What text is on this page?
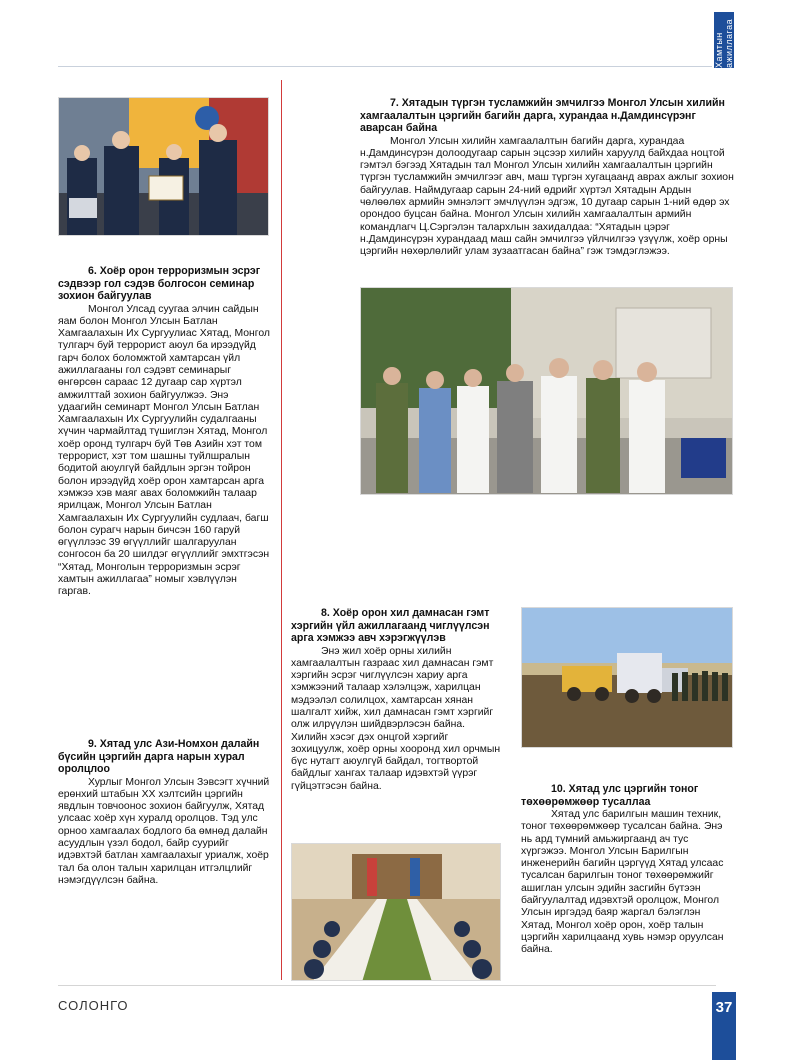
Хамтын ажиллагаа
6. Хоёр орон терроризмын эсрэг сэдвээр гол сэдэв болгосон семинар зохион байгуулав

Монгол Улсад суугаа элчин сайдын яам болон Монгол Улсын Батлан Хамгаалахын Их Сургуулиас Хятад, Монгол тулгарч буй террорист аюул ба ирээдүйд гарч болох боломжтой хамтарсан үйл ажиллагааны гол сэдэвт семинарыг өнгөрсөн сараас 12 дугаар сар хүртэл амжилттай зохион байгуулжээ. Энэ удаагийн семинарт Монгол Улсын Батлан Хамгаалахын Их Сургуулийн судалгааны хүчин чармайлтад түшиглэн Хятад, Монгол хоёр оронд тулгарч буй Төв Азийн хэт том террорист, хэт том шашны туйлшралын бодитой аюулгүй байдлын эргэн тойрон болон ирээдүйд хоёр орон хамтарсан арга хэмжээ хэв маяг авах боломжийн талаар ярилцаж, Монгол Улсын Батлан Хамгаалахын Их Сургуулийн судлаач, багш болон сурагч нарын бичсэн 160 гаруй өгүүллээс 39 өгүүллийг шалгаруулан сонгосон ба 20 шилдэг өгүүллийг эмхтгэсэн “Хятад, Монголын терроризмын эсрэг хамтын ажиллагаа” номыг хэвлүүлэн гаргав.

7. Хятадын түргэн тусламжийн эмчилгээ Монгол Улсын хилийн хамгаалалтын цэргийн багийн дарга, хурандаа н.Дамдинсүрэнг аварсан байна

Монгол Улсын хилийн хамгаалалтын багийн дарга, хурандаа н.Дамдинсүрэн долоодугаар сарын эцсээр хилийн харуулд байхдаа ноцтой гэмтэл бэгээд Хятадын тал Монгол Улсын хилийн хамгаалалтын цэргийн түргэн тусламжийн эмчилгээг авч, маш түргэн хугацаанд аврах ажлыг зохион байгуулав. Наймдугаар сарын 24-ний өдрийг хүртэл Хятадын Ардын чөлөөлөх армийн эмнэлэгт эмчлүүлэн эдгэж, 10 дугаар сарын 1-ний өдөр эх орондоо буцсан байна. Монгол Улсын хилийн хамгаалалтын армийн командлагч Ц.Сэргэлэн талархлын захидалдаа: “Хятадын цэрэг н.Дамдинсүрэн хурандаад маш сайн эмчилгээ үйлчилгээ үзүүлж, хоёр орны цэргийн нөхөрлөлийг улам зузаатгасан байна” гэж тэмдэглэжээ.

8. Хоёр орон хил дамнасан гэмт хэргийн үйл ажиллагаанд чиглүүлсэн арга хэмжээ авч хэрэгжүүлэв

Энэ жил хоёр орны хилийн хамгаалалтын газраас хил дамнасан гэмт хэргийн эсрэг чиглүүлсэн хариу арга хэмжээний талаар хэлэлцэж, харилцан мэдээлэл солилцох, хамтарсан хянан шалгалт хийж, хил дамнасан гэмт хэргийг олж илрүүлэн шийдвэрлэсэн байна. Хилийн хэсэг дэх онцгой хэргийг зохицуулж, хоёр орны хооронд хил орчмын бүс нутагт аюулгүй байдал, тогтвортой байдлыг хангах талаар идэвхтэй үүрэг гүйцэтгэсэн байна.

9. Хятад улс Ази-Номхон далайн бүсийн цэргийн дарга нарын хурал оролцлоо

Хурлыг Монгол Улсын Зэвсэгт хүчний ерөнхий штабын ХХ хэлтсийн цэргийн явдлын товчоонос зохион байгуулж, Хятад улсаас хоёр хүн хуралд оролцов. Тэд улс орноо хамгаалах бодлого ба өмнөд далайн асуудлын үзэл бодол, байр суурийг идэвхтэй батлан хамгаалахыг уриалж, хоёр тал ба олон талын харилцан итгэлцлийг нэмэгдүүлсэн байна.

10. Хятад улс цэргийн тоног төхөөрөмжөөр тусаллаа

Хятад улс барилгын машин техник, тоног төхөөрөмжөөр тусалсан байна. Энэ нь ард түмний амьжиргаанд ач тус хүргэжээ. Монгол Улсын Барилгын инженерийн багийн цэргүүд Хятад улсаас тусалсан барилгын тоног төхөөрөмжийг ашиглан улсын эдийн засгийн бүтээн байгуулалтад идэвхтэй оролцож, Монгол Улсын иргэдэд баяр жаргал бэлэглэн Хятад, Монгол хоёр орон, хоёр талын цэргийн харилцаанд хувь нэмэр оруулсан байна.

СОЛОНГО	37
